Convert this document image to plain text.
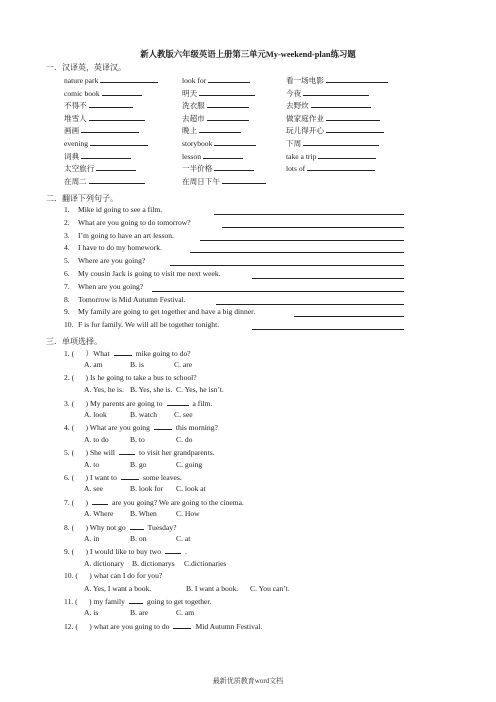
新人教版六年级英语上册第三单元My-weekend-plan练习题
一．汉译英，英译汉。
nature park	look for	看一场电影
comic book	明天	今夜
不得不	洗衣服	去野炊
堆雪人	去超市	做家庭作业
画画	晚上	玩儿得开心
evening	storybook	下周
词典	lesson	take a trip
太空旅行	一半价格	lots of
在周二	在周日下午
二．翻译下列句子。
1. Mike id going to see a film.
2. What are you going to do tomorrow?
3. I’m going to have an art lesson.
4. I have to do my homework.
5. Where are you going?
6. My cousin Jack is going to visit me next week.
7. When are you going?
8. Tomorrow is Mid Autumn Festival.
9. My family are going to get together and have a big dinner.
10. F is for family. We will all be together tonight.
三．单项选择。
1. (      ）What	mike going to do?
A. am	B. is	C. are
2. (      ) Is he going to take a bus to school?
A. Yes, he is. B. Yes, she is. C. Yes, he isn’t.
3. (      ) My parents are going to	a film.
A. look	B. watch C. see
4. (      ) What are you going	this morning?
A. to do	B. to	C. do
5. (      ) She will	to visit her grandparents.
A. to	B. go	C. going
6. (      ) I want to	some leaves.
A. see	B. look for C. look at
7. (      )	are you going? We are going to the cinema.
A. Where B. When	C. How
8. (      ) Why not go	Tuesday?
A. in	B. on	C. at
9. (      ) I would like to buy two	.
A. dictionary B. dictionarys C.dictionaries
10. (      ) what can I do for you?
A. Yes, I want a book.	B. I want a book. C. You can’t.
11. (      ) my family	going to get together.
A. is	B. are	C. am
12. (      ) what are you going to do	Mid Autumn Festival.
最新优质教育word文档
